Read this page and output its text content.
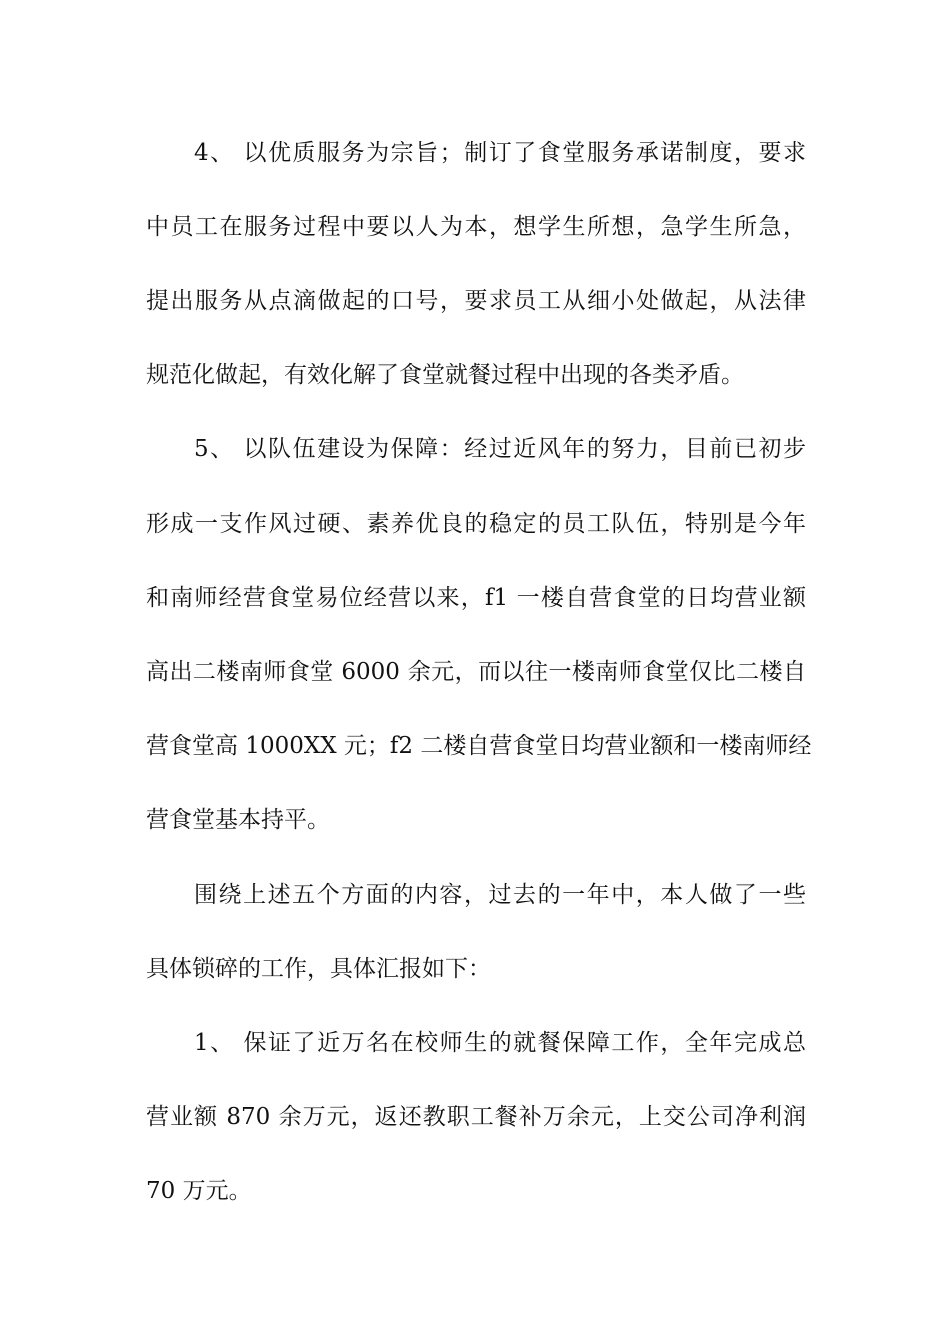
4、 以优质服务为宗旨；制订了食堂服务承诺制度，要求
中员工在服务过程中要以人为本，想学生所想，急学生所急，
提出服务从点滴做起的口号，要求员工从细小处做起，从法律
规范化做起，有效化解了食堂就餐过程中出现的各类矛盾。
5、 以队伍建设为保障：经过近风年的努力，目前已初步
形成一支作风过硬、素养优良的稳定的员工队伍，特别是今年
和南师经营食堂易位经营以来，f1 一楼自营食堂的日均营业额
高出二楼南师食堂 6000 余元，而以往一楼南师食堂仅比二楼自
营食堂高 1000XX 元；f2 二楼自营食堂日均营业额和一楼南师经
营食堂基本持平。
围绕上述五个方面的内容，过去的一年中，本人做了一些
具体锁碎的工作，具体汇报如下：
1、 保证了近万名在校师生的就餐保障工作，全年完成总
营业额 870 余万元，返还教职工餐补万余元，上交公司净利润
70 万元。
